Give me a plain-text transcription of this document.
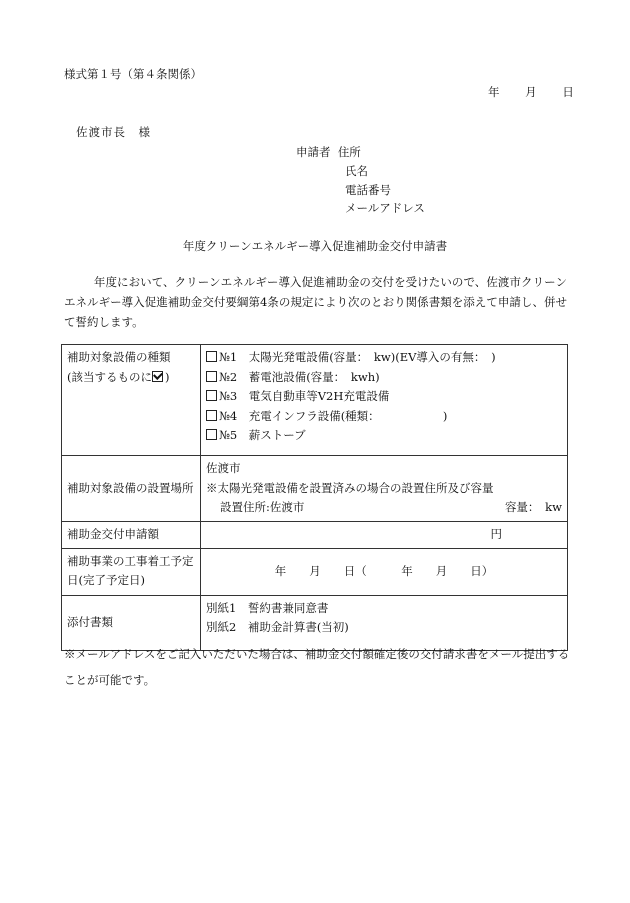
様式第１号（第４条関係）
年 月 日
佐渡市長　様
申請者 住所
氏名
電話番号
メールアドレス
年度クリーンエネルギー導入促進補助金交付申請書
年度において、クリーンエネルギー導入促進補助金の交付を受けたいので、佐渡市クリーンエネルギー導入促進補助金交付要綱第4条の規定により次のとおり関係書類を添えて申請し、併せて誓約します。
補助対象設備の種類
(該当するものに )	№1　太陽光発電設備(容量：　kw)(EV導入の有無：　)
№2　蓄電池設備(容量：　kwh)
№3　電気自動車等V2H充電設備
№4　充電インフラ設備(種類：　　　　　　)
№5　薪ストーブ

補助対象設備の設置場所	佐渡市
※太陽光発電設備を設置済みの場合の設置住所及び容量
設置住所:佐渡市 容量：　kw

補助金交付申請額	円

補助事業の工事着工予定日(完了予定日)	年　　月　　日（　　　年　　月　　日）
添付書類	別紙1　誓約書兼同意書
別紙2　補助金計算書(当初)
※メールアドレスをご記入いただいた場合は、補助金交付額確定後の交付請求書をメール提出することが可能です。
